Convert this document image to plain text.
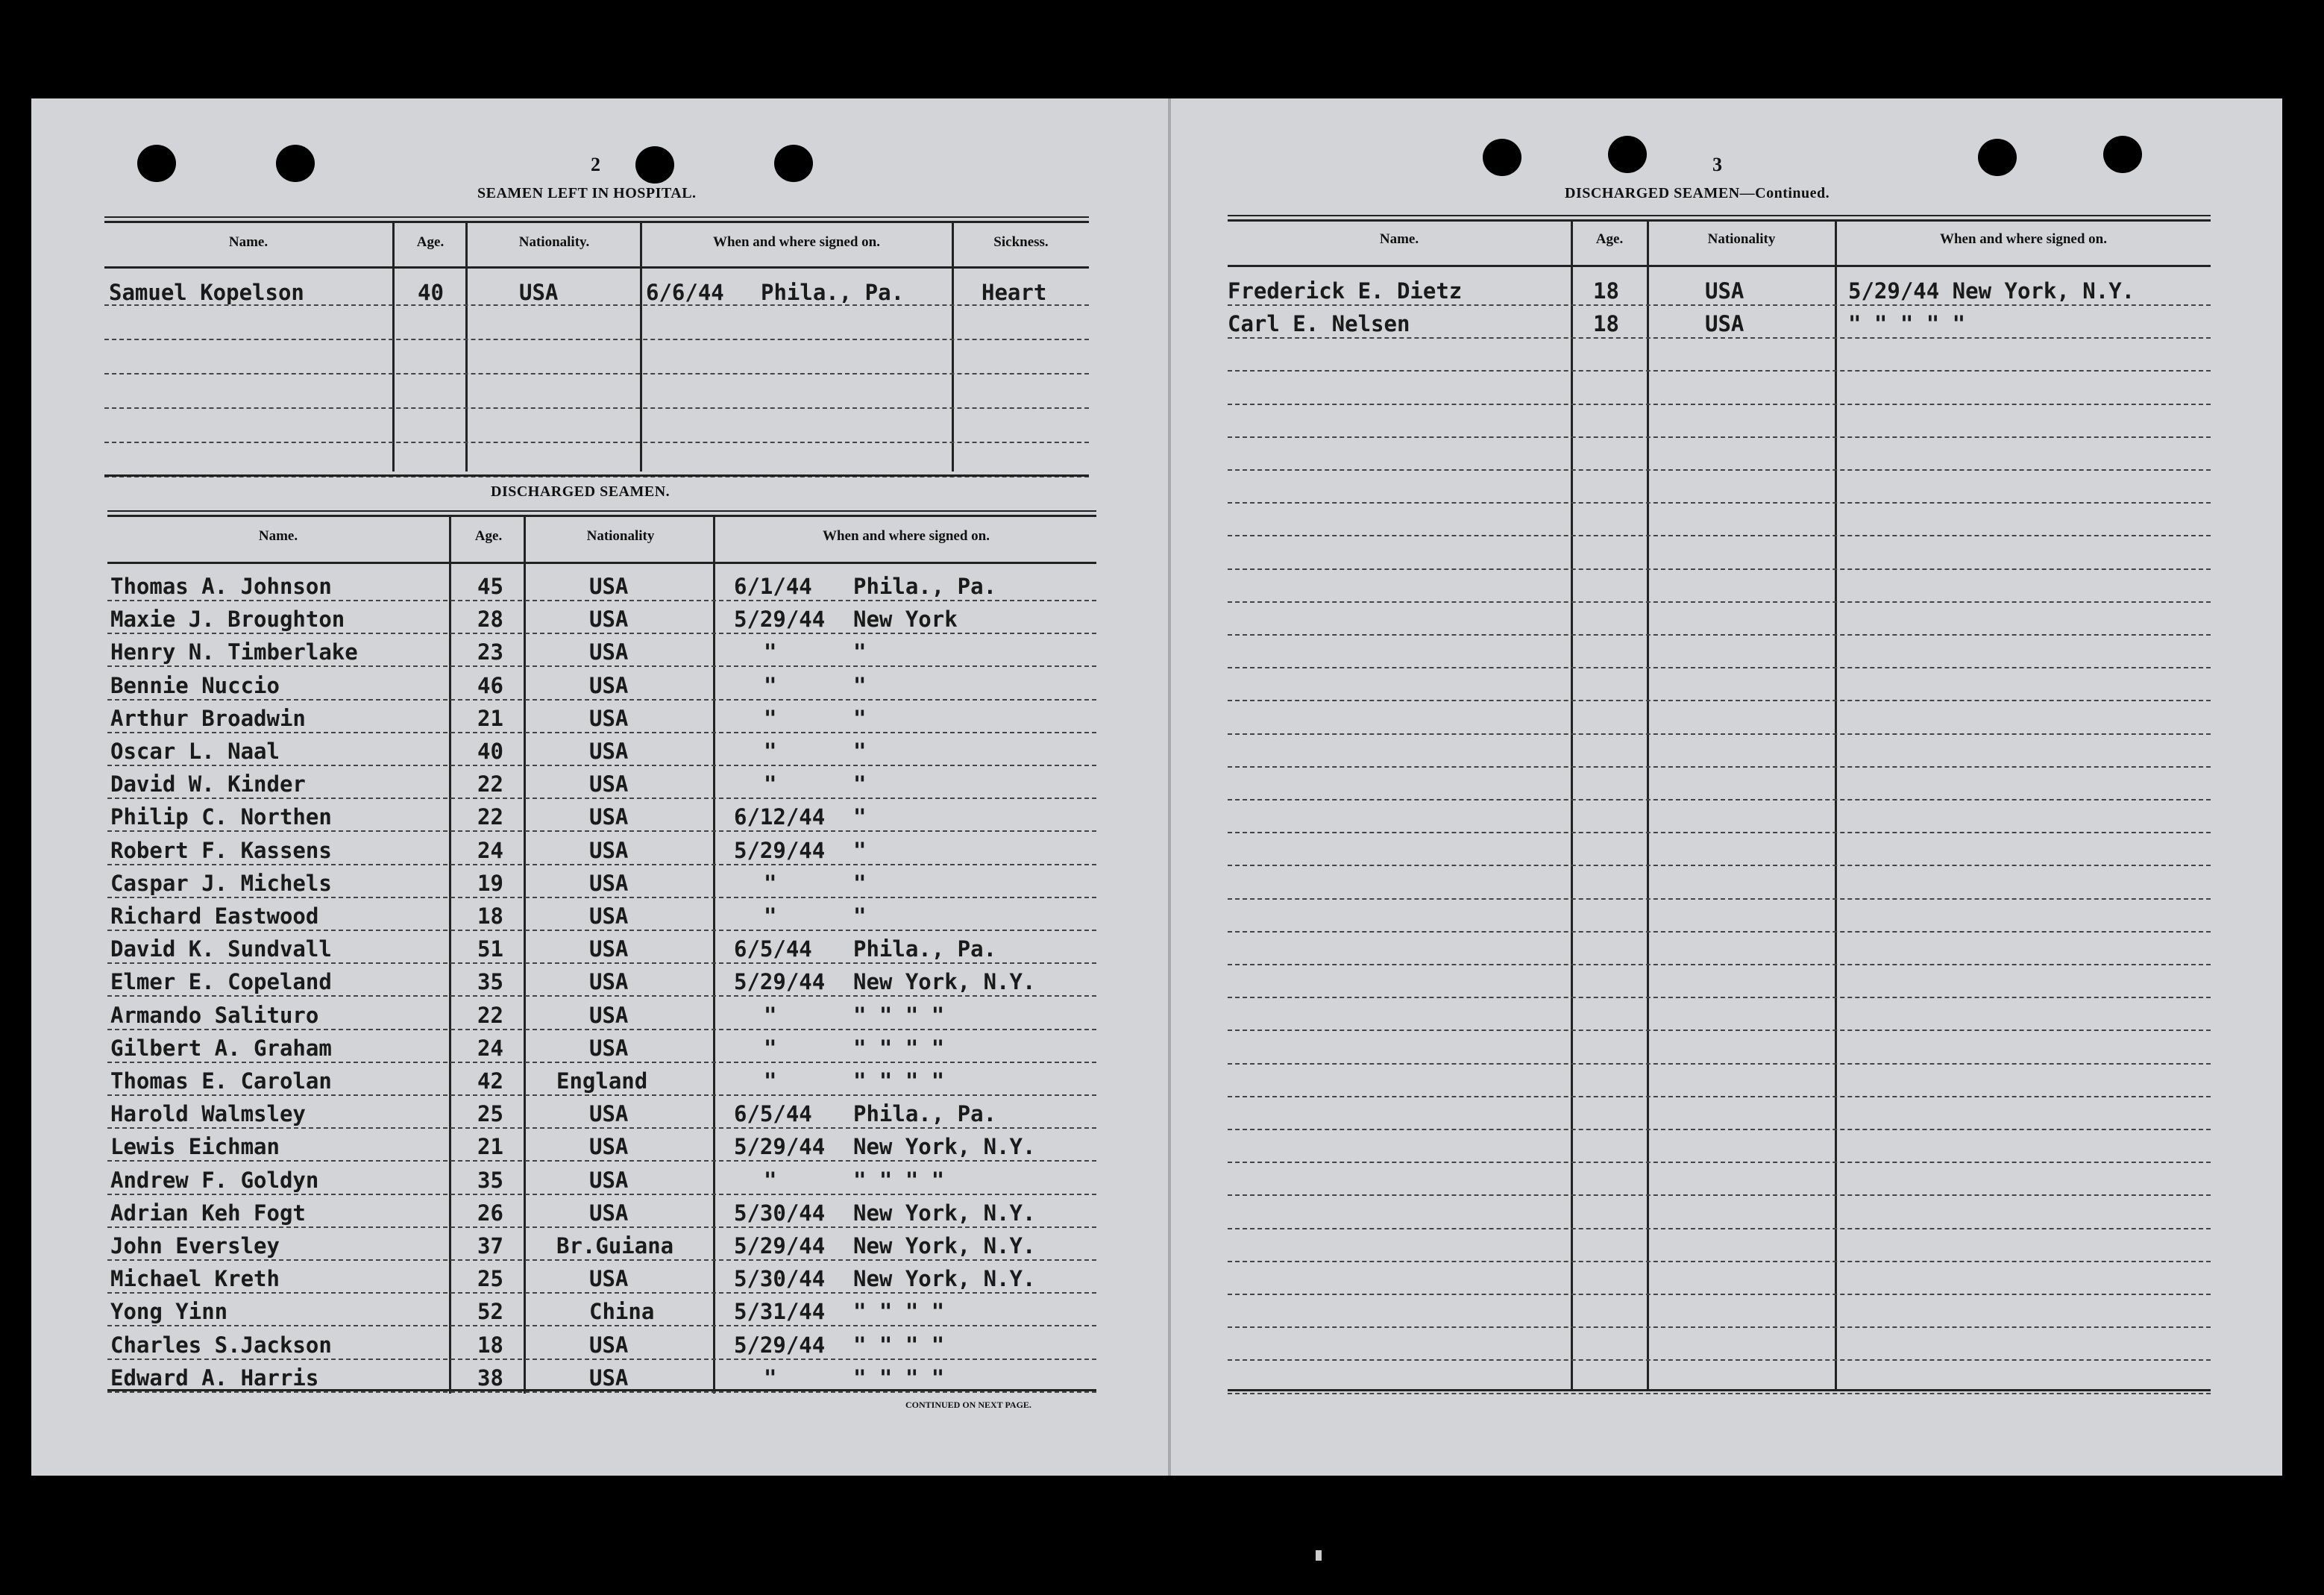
2
SEAMEN LEFT IN HOSPITAL.
Name.	Age.	Nationality.	When and where signed on.	Sickness.
Samuel Kopelson	40	USA	6/6/44 Phila., Pa.	Heart
DISCHARGED SEAMEN.
Name.	Age.	Nationality	When and where signed on.
Thomas A. Johnson	45	USA	6/1/44 Phila., Pa.
Maxie J. Broughton	28	USA	5/29/44 New York
Henry N. Timberlake	23	USA	"	"
Bennie Nuccio	46	USA	"	"
Arthur Broadwin	21	USA	"	"
Oscar L. Naal	40	USA	"	"
David W. Kinder	22	USA	"	"
Philip C. Northen	22	USA	6/12/44 "
Robert F. Kassens	24	USA	5/29/44 "
Caspar J. Michels	19	USA	"	"
Richard Eastwood	18	USA	"	"
David K. Sundvall	51	USA	6/5/44 Phila., Pa.
Elmer E. Copeland	35	USA	5/29/44 New York, N.Y.
Armando Salituro	22	USA	"	" " " "
Gilbert A. Graham	24	USA	"	" " " "
Thomas E. Carolan	42 England	"	" " " "
Harold Walmsley	25	USA	6/5/44 Phila., Pa.
Lewis Eichman	21	USA	5/29/44 New York, N.Y.
Andrew F. Goldyn	35	USA	"	" " " "
Adrian Keh Fogt	26	USA	5/30/44 New York, N.Y.
John Eversley	37 Br.Guiana	5/29/44 New York, N.Y.
Michael Kreth	25	USA	5/30/44 New York, N.Y.
Yong Yinn	52	China	5/31/44 " " " "
Charles S.Jackson	18	USA	5/29/44 " " " "
Edward A. Harris	38	USA	"	" " " "
CONTINUED ON NEXT PAGE.
3
DISCHARGED SEAMEN—Continued.
Name.	Age.	Nationality	When and where signed on.
Frederick E. Dietz	18	USA	5/29/44 New York, N.Y.
Carl E. Nelsen	18	USA	" " " " "
